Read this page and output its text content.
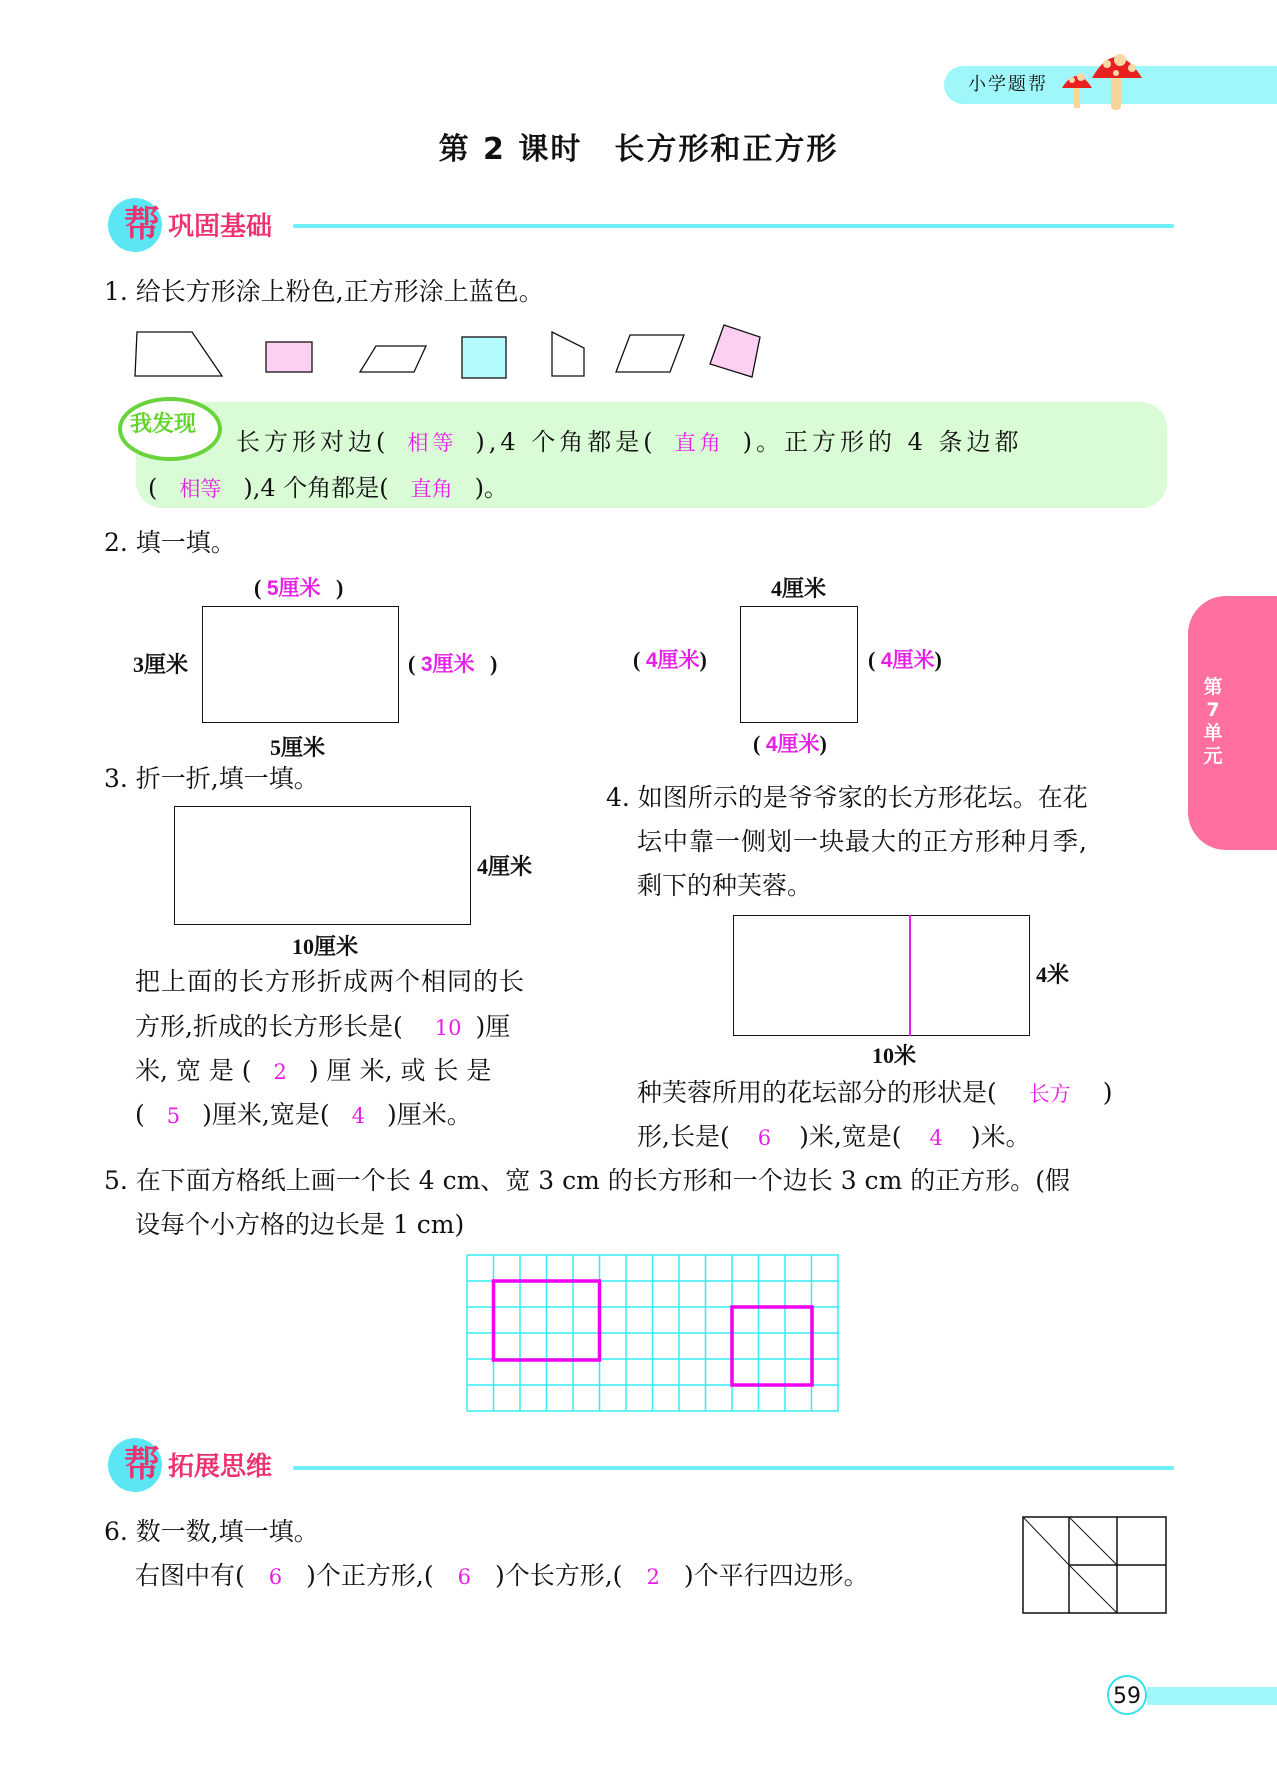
小学题帮
第 2 课时　长方形和正方形
帮 巩固基础
1. 给长方形涂上粉色,正方形涂上蓝色。
我发现
长方形对边( 相等 ),4 个角都是( 直角 )。正方形的 4 条边都
( 相等 ),4 个角都是( 直角 )。
2. 填一填。
( 5厘米 )
3厘米	( 3厘米 )
5厘米
4厘米
( 4厘米)	( 4厘米)
( 4厘米)
3. 折一折,填一填。
4厘米
10厘米
把上面的长方形折成两个相同的长
方形,折成的长方形长是( 10 )厘
米, 宽 是 ( 2 ) 厘 米, 或 长 是
( 5 )厘米,宽是( 4 )厘米。
4. 如图所示的是爷爷家的长方形花坛。在花
坛中靠一侧划一块最大的正方形种月季,
剩下的种芙蓉。
4米
10米
种芙蓉所用的花坛部分的形状是( 长方 )
形,长是( 6 )米,宽是( 4 )米。
第
7
单
元
5. 在下面方格纸上画一个长 4 cm、宽 3 cm 的长方形和一个边长 3 cm 的正方形。(假
设每个小方格的边长是 1 cm)
帮 拓展思维
6. 数一数,填一填。
右图中有( 6 )个正方形,( 6 )个长方形,( 2 )个平行四边形。
59
